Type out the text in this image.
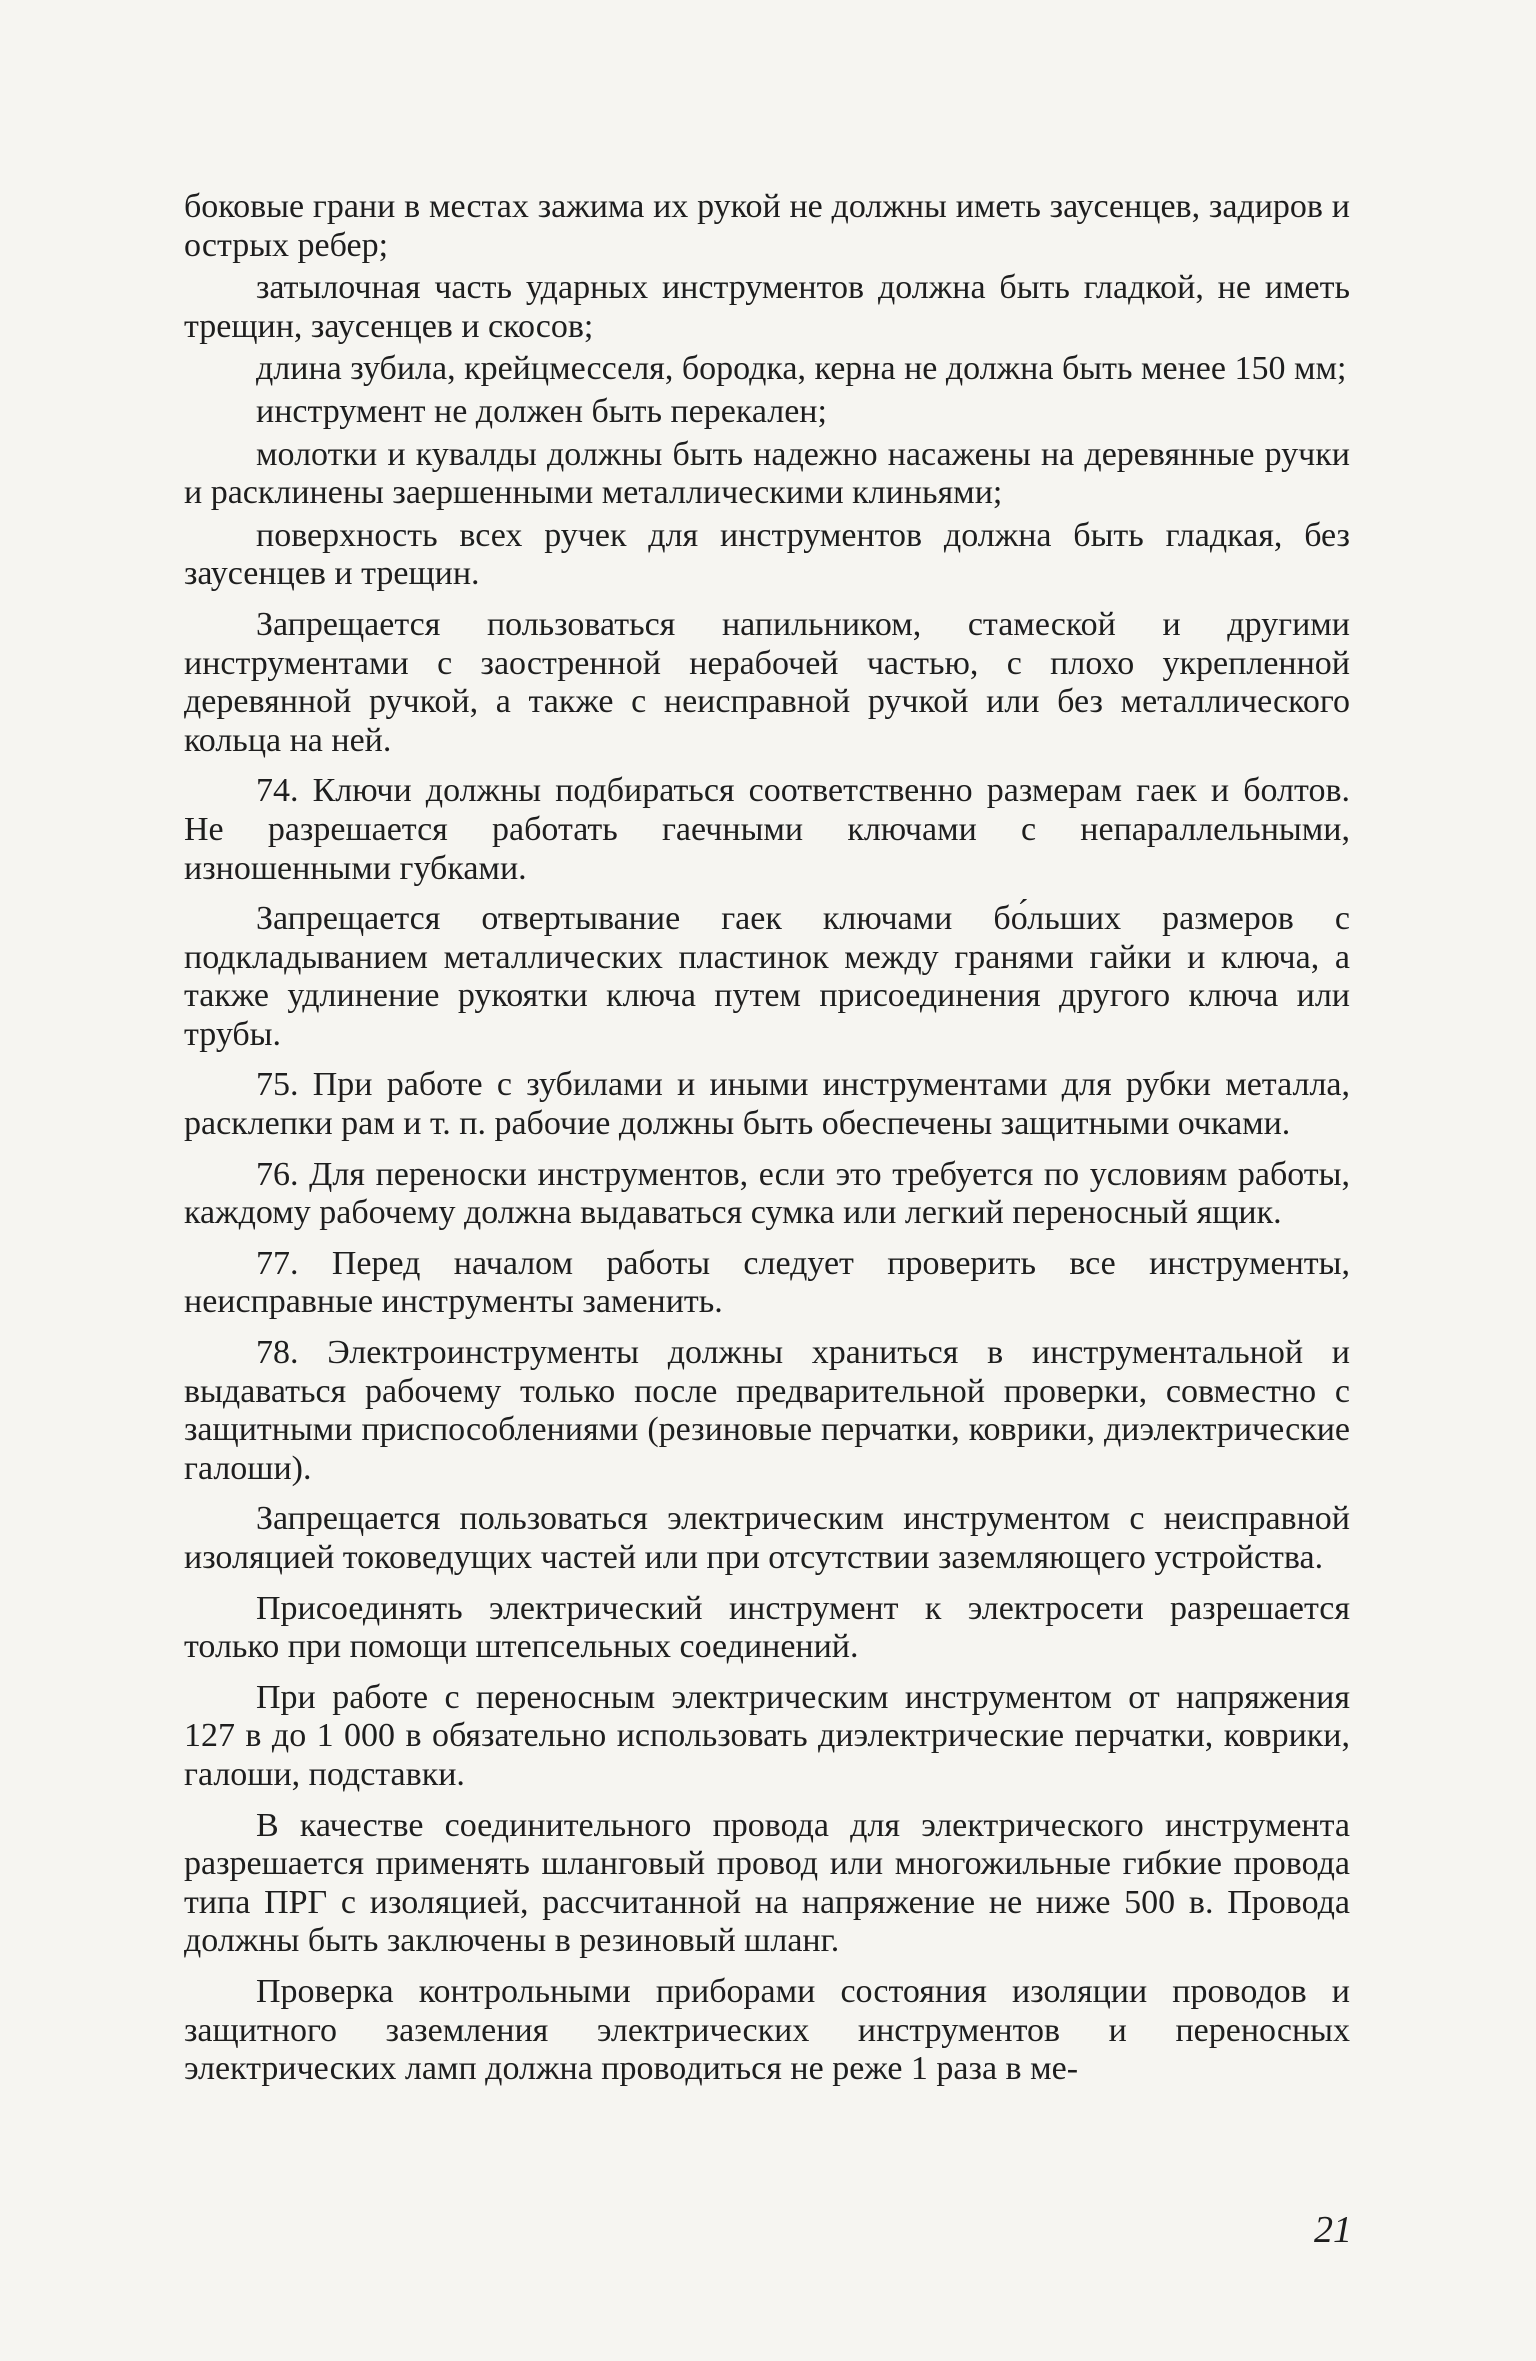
боковые грани в местах зажима их рукой не должны иметь заусенцев, задиров и острых ребер;

затылочная часть ударных инструментов должна быть гладкой, не иметь трещин, заусенцев и скосов;

длина зубила, крейцмесселя, бородка, керна не должна быть менее 150 мм;

инструмент не должен быть перекален;

молотки и кувалды должны быть надежно насажены на деревянные ручки и расклинены заершенными металлическими клиньями;

поверхность всех ручек для инструментов должна быть гладкая, без заусенцев и трещин.

Запрещается пользоваться напильником, стамеской и другими инструментами с заостренной нерабочей частью, с плохо укрепленной деревянной ручкой, а также с неисправной ручкой или без металлического кольца на ней.

74. Ключи должны подбираться соответственно размерам гаек и болтов. Не разрешается работать гаечными ключами с непараллельными, изношенными губками.

Запрещается отвертывание гаек ключами бо́льших размеров с подкладыванием металлических пластинок между гранями гайки и ключа, а также удлинение рукоятки ключа путем присоединения другого ключа или трубы.

75. При работе с зубилами и иными инструментами для рубки металла, расклепки рам и т. п. рабочие должны быть обеспечены защитными очками.

76. Для переноски инструментов, если это требуется по условиям работы, каждому рабочему должна выдаваться сумка или легкий переносный ящик.

77. Перед началом работы следует проверить все инструменты, неисправные инструменты заменить.

78. Электроинструменты должны храниться в инструментальной и выдаваться рабочему только после предварительной проверки, совместно с защитными приспособлениями (резиновые перчатки, коврики, диэлектрические галоши).

Запрещается пользоваться электрическим инструментом с неисправной изоляцией токоведущих частей или при отсутствии заземляющего устройства.

Присоединять электрический инструмент к электросети разрешается только при помощи штепсельных соединений.

При работе с переносным электрическим инструментом от напряжения 127 в до 1 000 в обязательно использовать диэлектрические перчатки, коврики, галоши, подставки.

В качестве соединительного провода для электрического инструмента разрешается применять шланговый провод или многожильные гибкие провода типа ПРГ с изоляцией, рассчитанной на напряжение не ниже 500 в. Провода должны быть заключены в резиновый шланг.

Проверка контрольными приборами состояния изоляции проводов и защитного заземления электрических инструментов и переносных электрических ламп должна проводиться не реже 1 раза в ме-

21
